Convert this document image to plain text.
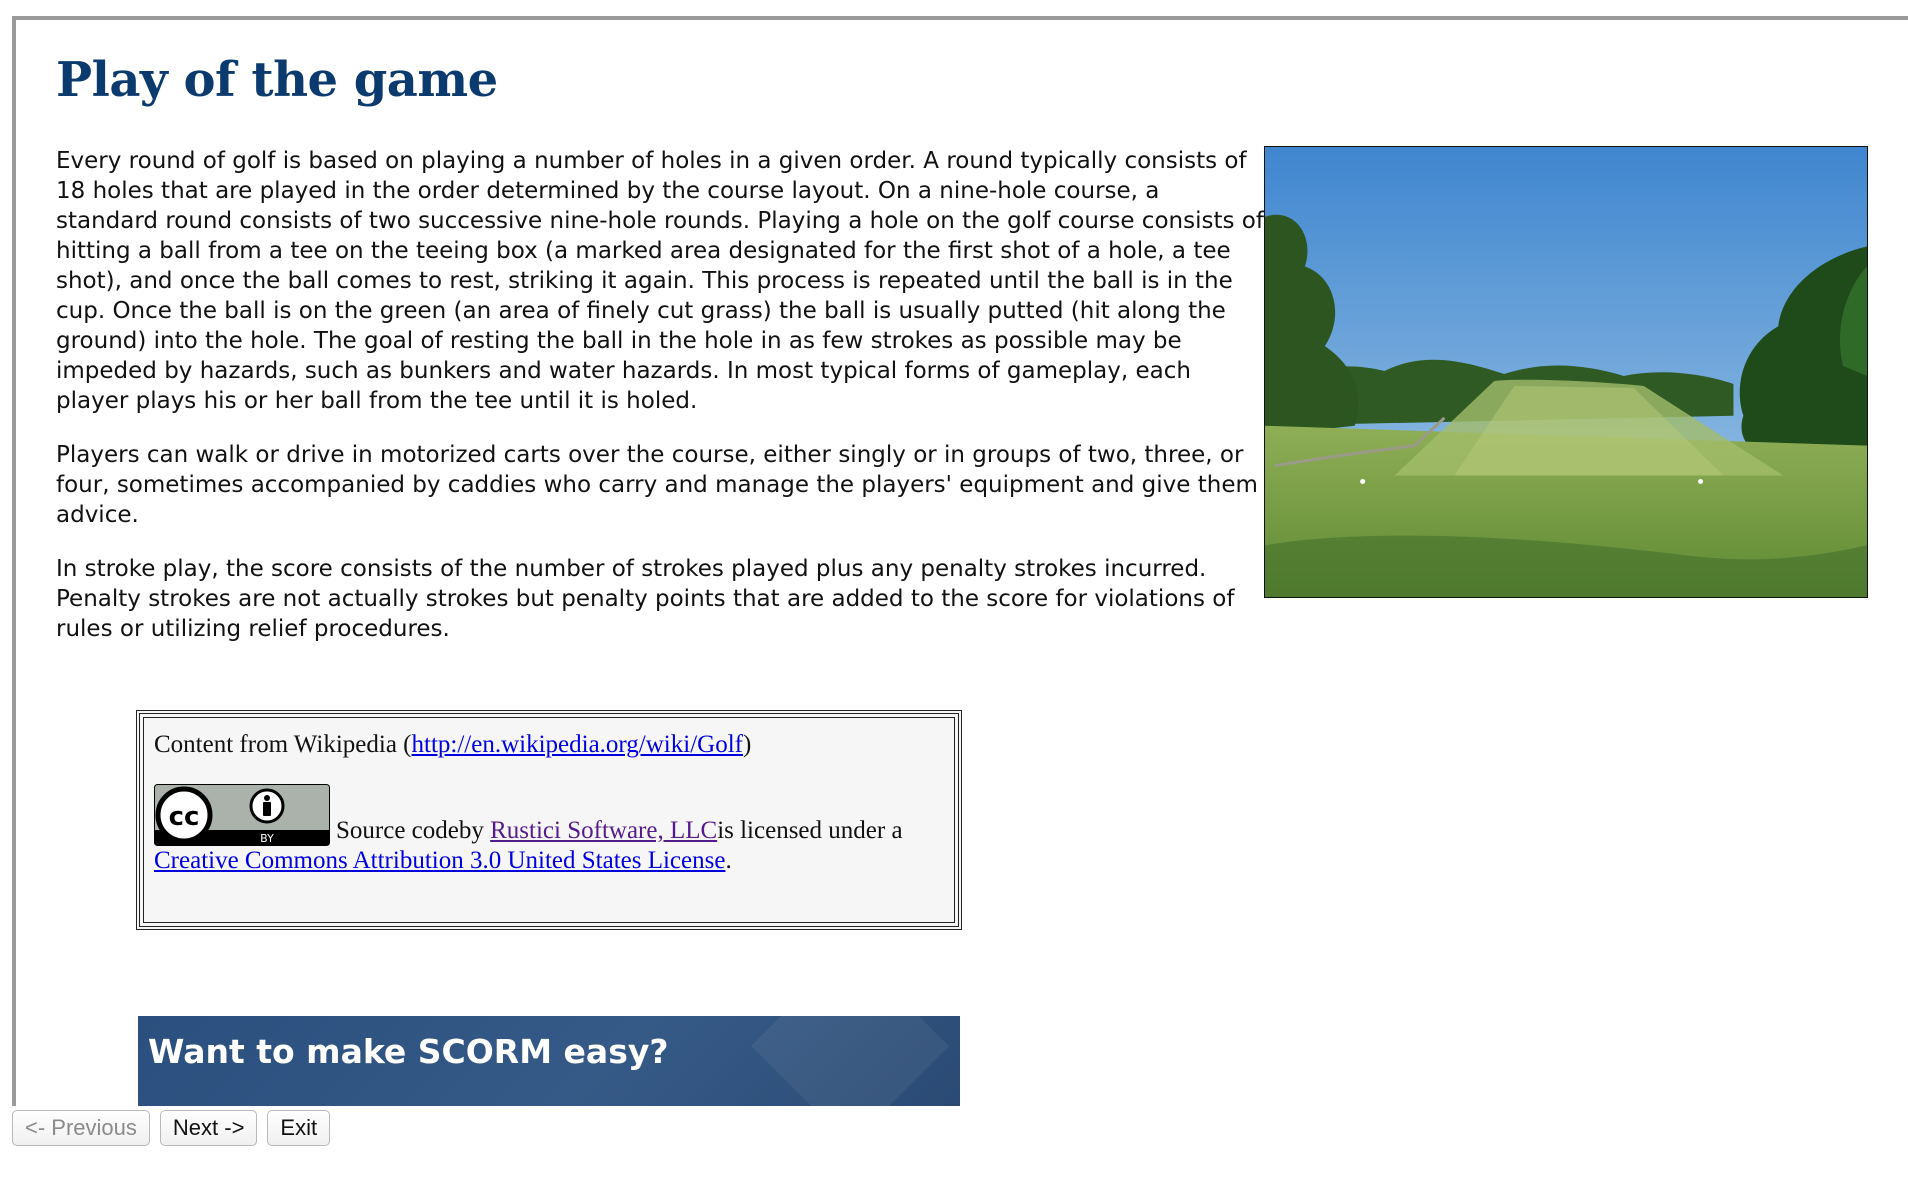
Play of the game

Every round of golf is based on playing a number of holes in a given order. A round typically consists of 18 holes that are played in the order determined by the course layout. On a nine-hole course, a standard round consists of two successive nine-hole rounds. Playing a hole on the golf course consists of hitting a ball from a tee on the teeing box (a marked area designated for the first shot of a hole, a tee shot), and once the ball comes to rest, striking it again. This process is repeated until the ball is in the cup. Once the ball is on the green (an area of finely cut grass) the ball is usually putted (hit along the ground) into the hole. The goal of resting the ball in the hole in as few strokes as possible may be impeded by hazards, such as bunkers and water hazards. In most typical forms of gameplay, each player plays his or her ball from the tee until it is holed.

Players can walk or drive in motorized carts over the course, either singly or in groups of two, three, or four, sometimes accompanied by caddies who carry and manage the players' equipment and give them advice.

In stroke play, the score consists of the number of strokes played plus any penalty strokes incurred. Penalty strokes are not actually strokes but penalty points that are added to the score for violations of rules or utilizing relief procedures.

Content from Wikipedia (http://en.wikipedia.org/wiki/Golf)
cc
BY Source codeby Rustici Software, LLCis licensed under a
Creative Commons Attribution 3.0 United States License.
Want to make SCORM easy?
<- Previous	Next ->	Exit
